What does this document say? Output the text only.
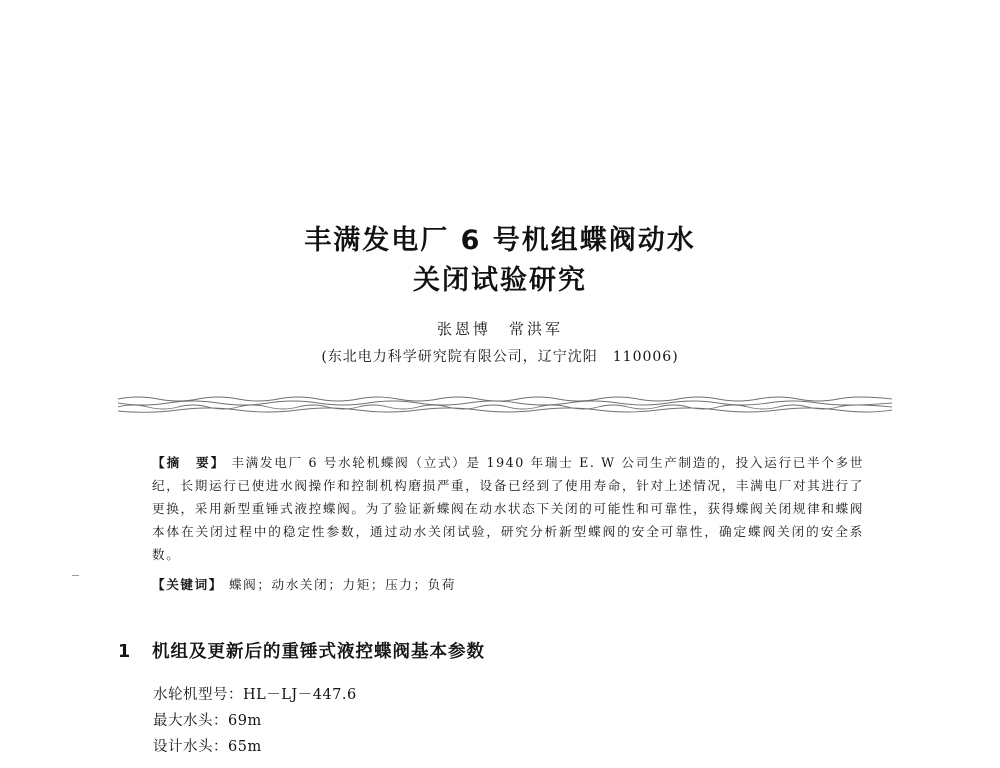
丰满发电厂 6 号机组蝶阀动水
关闭试验研究
张恩博　常洪军
(东北电力科学研究院有限公司，辽宁沈阳　110006)
【摘　要】 丰满发电厂 6 号水轮机蝶阀（立式）是 1940 年瑞士 E. W 公司生产制造的，投入运行已半个多世纪，长期运行已使进水阀操作和控制机构磨损严重，设备已经到了使用寿命，针对上述情况，丰满电厂对其进行了更换，采用新型重锤式液控蝶阀。为了验证新蝶阀在动水状态下关闭的可能性和可靠性，获得蝶阀关闭规律和蝶阀本体在关闭过程中的稳定性参数，通过动水关闭试验，研究分析新型蝶阀的安全可靠性，确定蝶阀关闭的安全系数。
【关键词】 蝶阀；动水关闭；力矩；压力；负荷
1 机组及更新后的重锤式液控蝶阀基本参数
水轮机型号：HL－LJ－447.6
最大水头：69m
设计水头：65m
